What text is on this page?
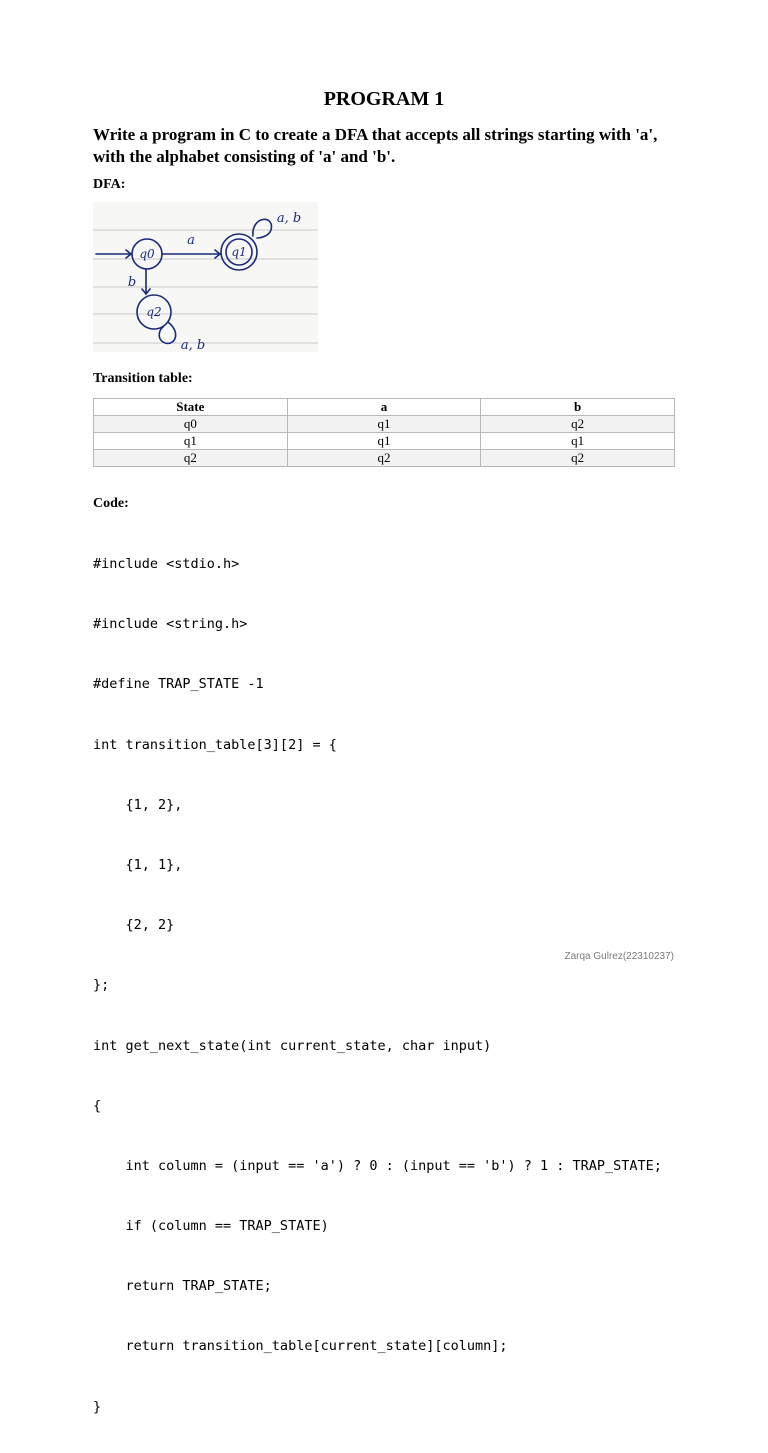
PROGRAM 1
Write a program in C to create a DFA that accepts all strings starting with 'a', with the alphabet consisting of 'a' and 'b'.
DFA:
q0	q1
q2
a
b
a, b
a, b
Transition table:
State	a	b
q0	q1	q2
q1	q1	q1
q2	q2	q2
Code:

#include <stdio.h>

#include <string.h>

#define TRAP_STATE -1

int transition_table[3][2] = {

{1, 2},

{1, 1},

{2, 2}

};

int get_next_state(int current_state, char input)

{

int column = (input == 'a') ? 0 : (input == 'b') ? 1 : TRAP_STATE;

if (column == TRAP_STATE)

return TRAP_STATE;

return transition_table[current_state][column];

}

Zarqa Gulrez(22310237)
